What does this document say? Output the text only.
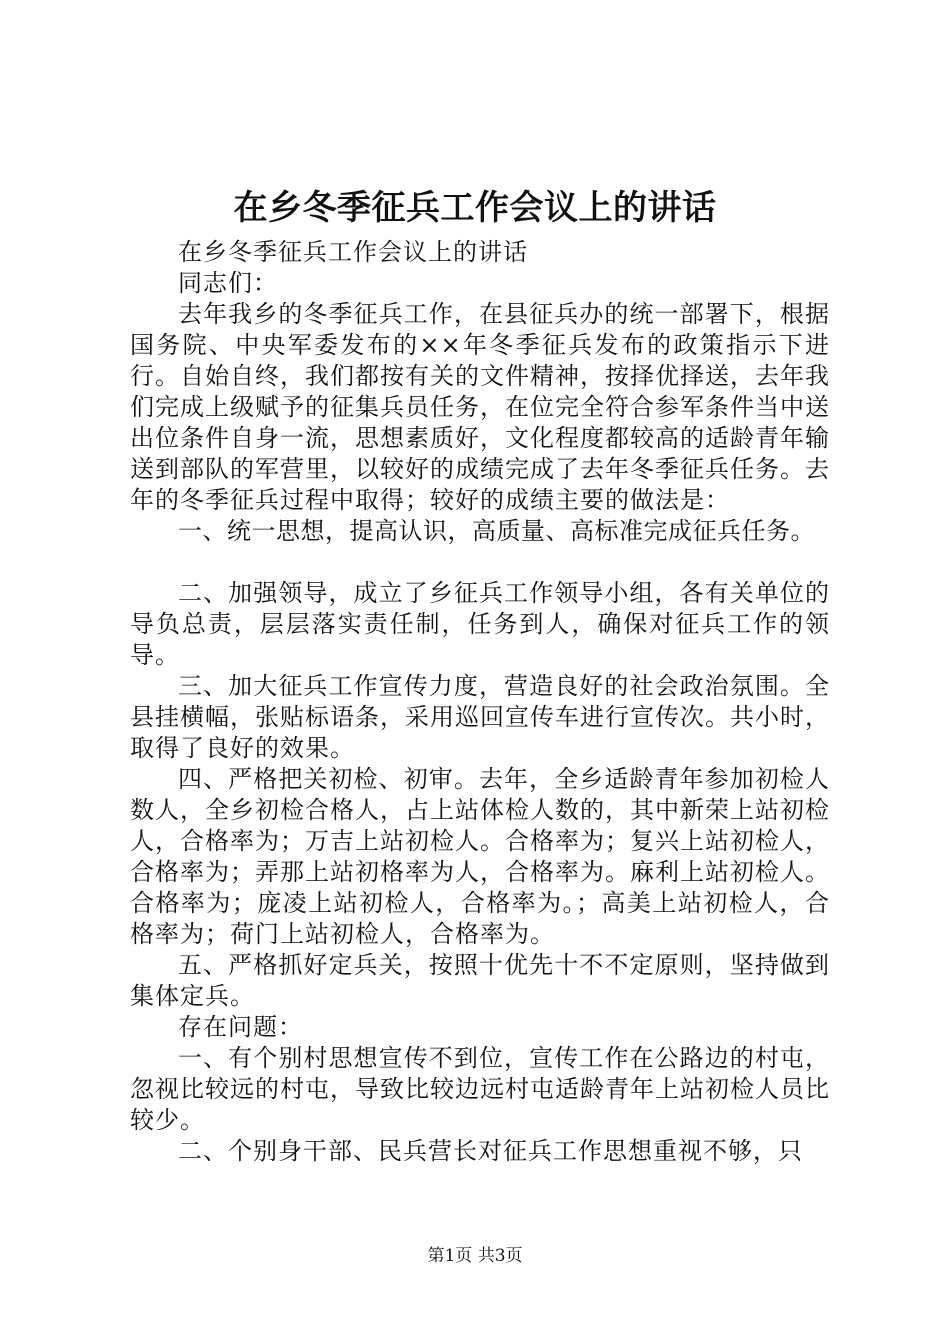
在乡冬季征兵工作会议上的讲话

在乡冬季征兵工作会议上的讲话

同志们：

去年我乡的冬季征兵工作，在县征兵办的统一部署下，根据国务院、中央军委发布的××年冬季征兵发布的政策指示下进行。自始自终，我们都按有关的文件精神，按择优择送，去年我们完成上级赋予的征集兵员任务，在位完全符合参军条件当中送出位条件自身一流，思想素质好，文化程度都较高的适龄青年输送到部队的军营里，以较好的成绩完成了去年冬季征兵任务。去年的冬季征兵过程中取得；较好的成绩主要的做法是：

一、统一思想，提高认识，高质量、高标准完成征兵任务。

二、加强领导，成立了乡征兵工作领导小组，各有关单位的导负总责，层层落实责任制，任务到人，确保对征兵工作的领导。

三、加大征兵工作宣传力度，营造良好的社会政治氛围。全县挂横幅，张贴标语条，采用巡回宣传车进行宣传次。共小时，取得了良好的效果。

四、严格把关初检、初审。去年，全乡适龄青年参加初检人数人，全乡初检合格人，占上站体检人数的，其中新荣上站初检人，合格率为；万吉上站初检人。合格率为；复兴上站初检人，合格率为；弄那上站初格率为人，合格率为。麻利上站初检人。合格率为；庞凌上站初检人，合格率为。；高美上站初检人，合格率为；荷门上站初检人，合格率为。

五、严格抓好定兵关，按照十优先十不不定原则，坚持做到集体定兵。

存在问题：

一、有个别村思想宣传不到位，宣传工作在公路边的村屯，忽视比较远的村屯，导致比较边远村屯适龄青年上站初检人员比较少。

二、个别身干部、民兵营长对征兵工作思想重视不够，只

第1页 共3页
